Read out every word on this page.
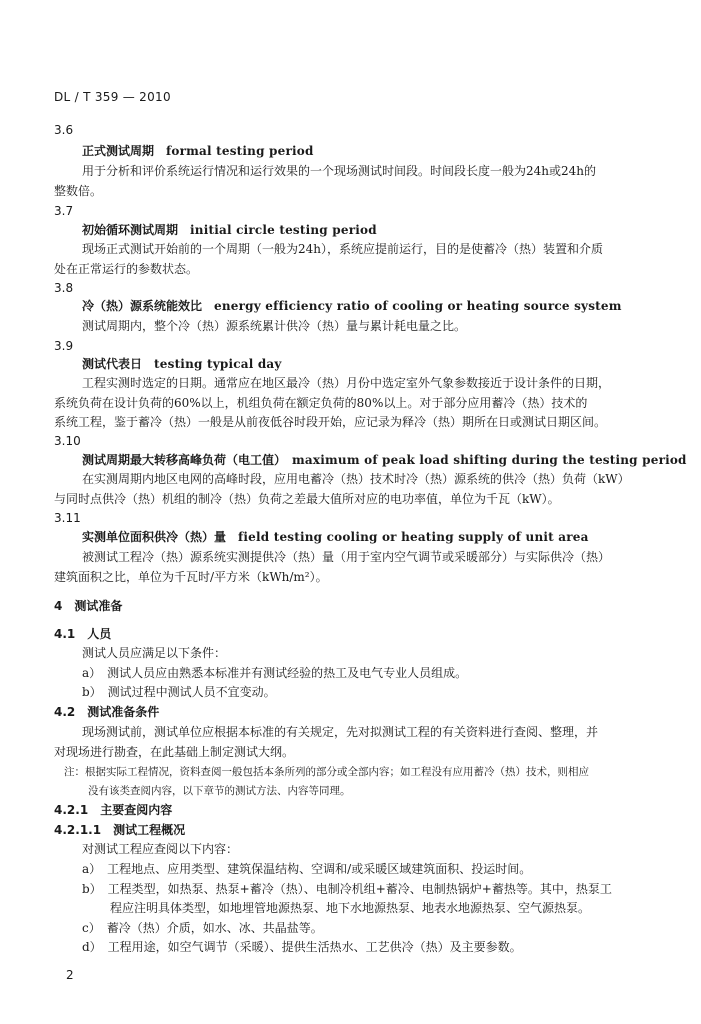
DL / T 359 — 2010
3.6
正式测试周期　 formal testing period
用于分析和评价系统运行情况和运行效果的一个现场测试时间段。时间段长度一般为24h或24h的
整数倍。
3.7
初始循环测试周期　 initial circle testing period
现场正式测试开始前的一个周期（一般为24h），系统应提前运行，目的是使蓄冷（热）装置和介质
处在正常运行的参数状态。
3.8
冷（热）源系统能效比　 energy efficiency ratio of cooling or heating source system
测试周期内，整个冷（热）源系统累计供冷（热）量与累计耗电量之比。
3.9
测试代表日　 testing typical day
工程实测时选定的日期。通常应在地区最冷（热）月份中选定室外气象参数接近于设计条件的日期，
系统负荷在设计负荷的60%以上，机组负荷在额定负荷的80%以上。对于部分应用蓄冷（热）技术的
系统工程，鉴于蓄冷（热）一般是从前夜低谷时段开始，应记录为释冷（热）期所在日或测试日期区间。
3.10
测试周期最大转移高峰负荷（电工值）　 maximum of peak load shifting during the testing period
在实测周期内地区电网的高峰时段，应用电蓄冷（热）技术时冷（热）源系统的供冷（热）负荷（kW）
与同时点供冷（热）机组的制冷（热）负荷之差最大值所对应的电功率值，单位为千瓦（kW）。
3.11
实测单位面积供冷（热）量　 field testing cooling or heating supply of unit area
被测试工程冷（热）源系统实测提供冷（热）量（用于室内空气调节或采暖部分）与实际供冷（热）
建筑面积之比，单位为千瓦时/平方米（kWh/m²）。
4　 测试准备
4.1　 人员
测试人员应满足以下条件：
a）　测试人员应由熟悉本标准并有测试经验的热工及电气专业人员组成。
b）　测试过程中测试人员不宜变动。
4.2　 测试准备条件
现场测试前，测试单位应根据本标准的有关规定，先对拟测试工程的有关资料进行查阅、整理，并
对现场进行勘查，在此基础上制定测试大纲。
注：根据实际工程情况，资料查阅一般包括本条所列的部分或全部内容；如工程没有应用蓄冷（热）技术，则相应
没有该类查阅内容，以下章节的测试方法、内容等同理。
4.2.1　 主要查阅内容
4.2.1.1　 测试工程概况
对测试工程应查阅以下内容：
a）　工程地点、应用类型、建筑保温结构、空调和/或采暖区域建筑面积、投运时间。
b）　工程类型，如热泵、热泵+蓄冷（热）、电制冷机组+蓄冷、电制热锅炉+蓄热等。其中，热泵工
程应注明具体类型，如地埋管地源热泵、地下水地源热泵、地表水地源热泵、空气源热泵。
c）　蓄冷（热）介质，如水、冰、共晶盐等。
d）　工程用途，如空气调节（采暖）、提供生活热水、工艺供冷（热）及主要参数。
2
